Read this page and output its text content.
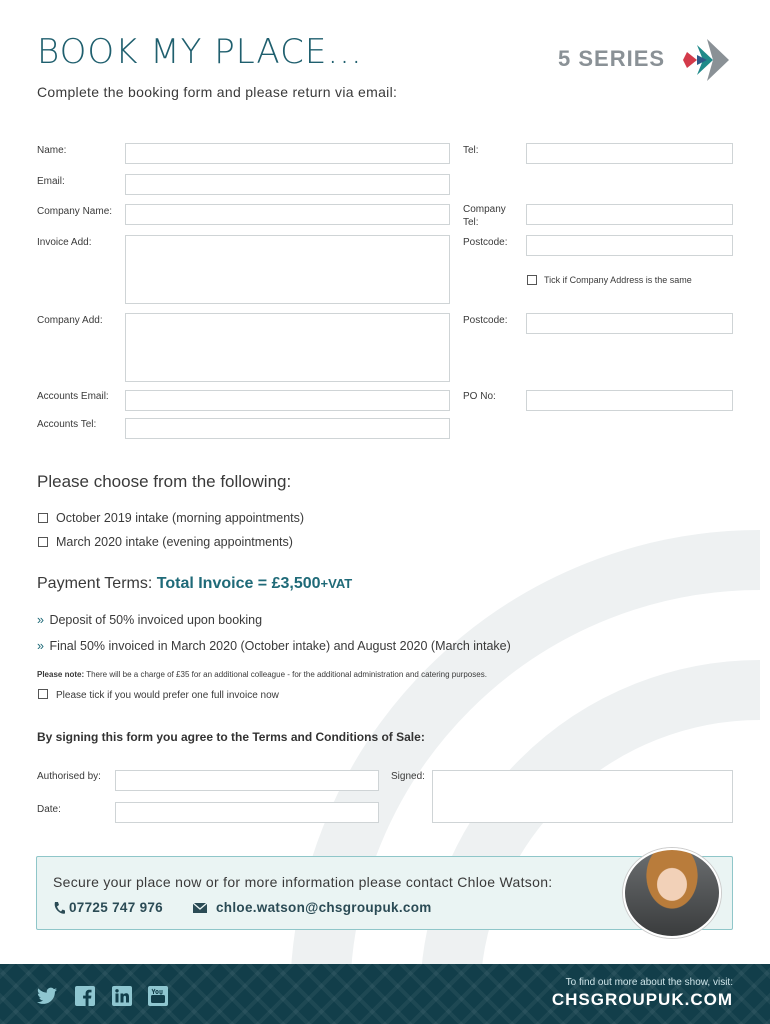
BOOK MY PLACE...
Complete the booking form and please return via email:
5 SERIES
Name:	Tel:
Email:
Company Name:	Company
Tel:
Invoice Add:	Postcode:
Tick if Company Address is the same
Company Add:	Postcode:
Accounts Email:	PO No:
Accounts Tel:
Please choose from the following:
October 2019 intake (morning appointments)
March 2020 intake (evening appointments)
Payment Terms: Total Invoice = £3,500+VAT
» Deposit of 50% invoiced upon booking
» Final 50% invoiced in March 2020 (October intake) and August 2020 (March intake)
Please note: There will be a charge of £35 for an additional colleague - for the additional administration and catering purposes.
Please tick if you would prefer one full invoice now
By signing this form you agree to the Terms and Conditions of Sale:
Authorised by:	Signed:
Date:
Secure your place now or for more information please contact Chloe Watson:
07725 747 976	chloe.watson@chsgroupuk.com
To find out more about the show, visit:
CHSGROUPUK.COM
